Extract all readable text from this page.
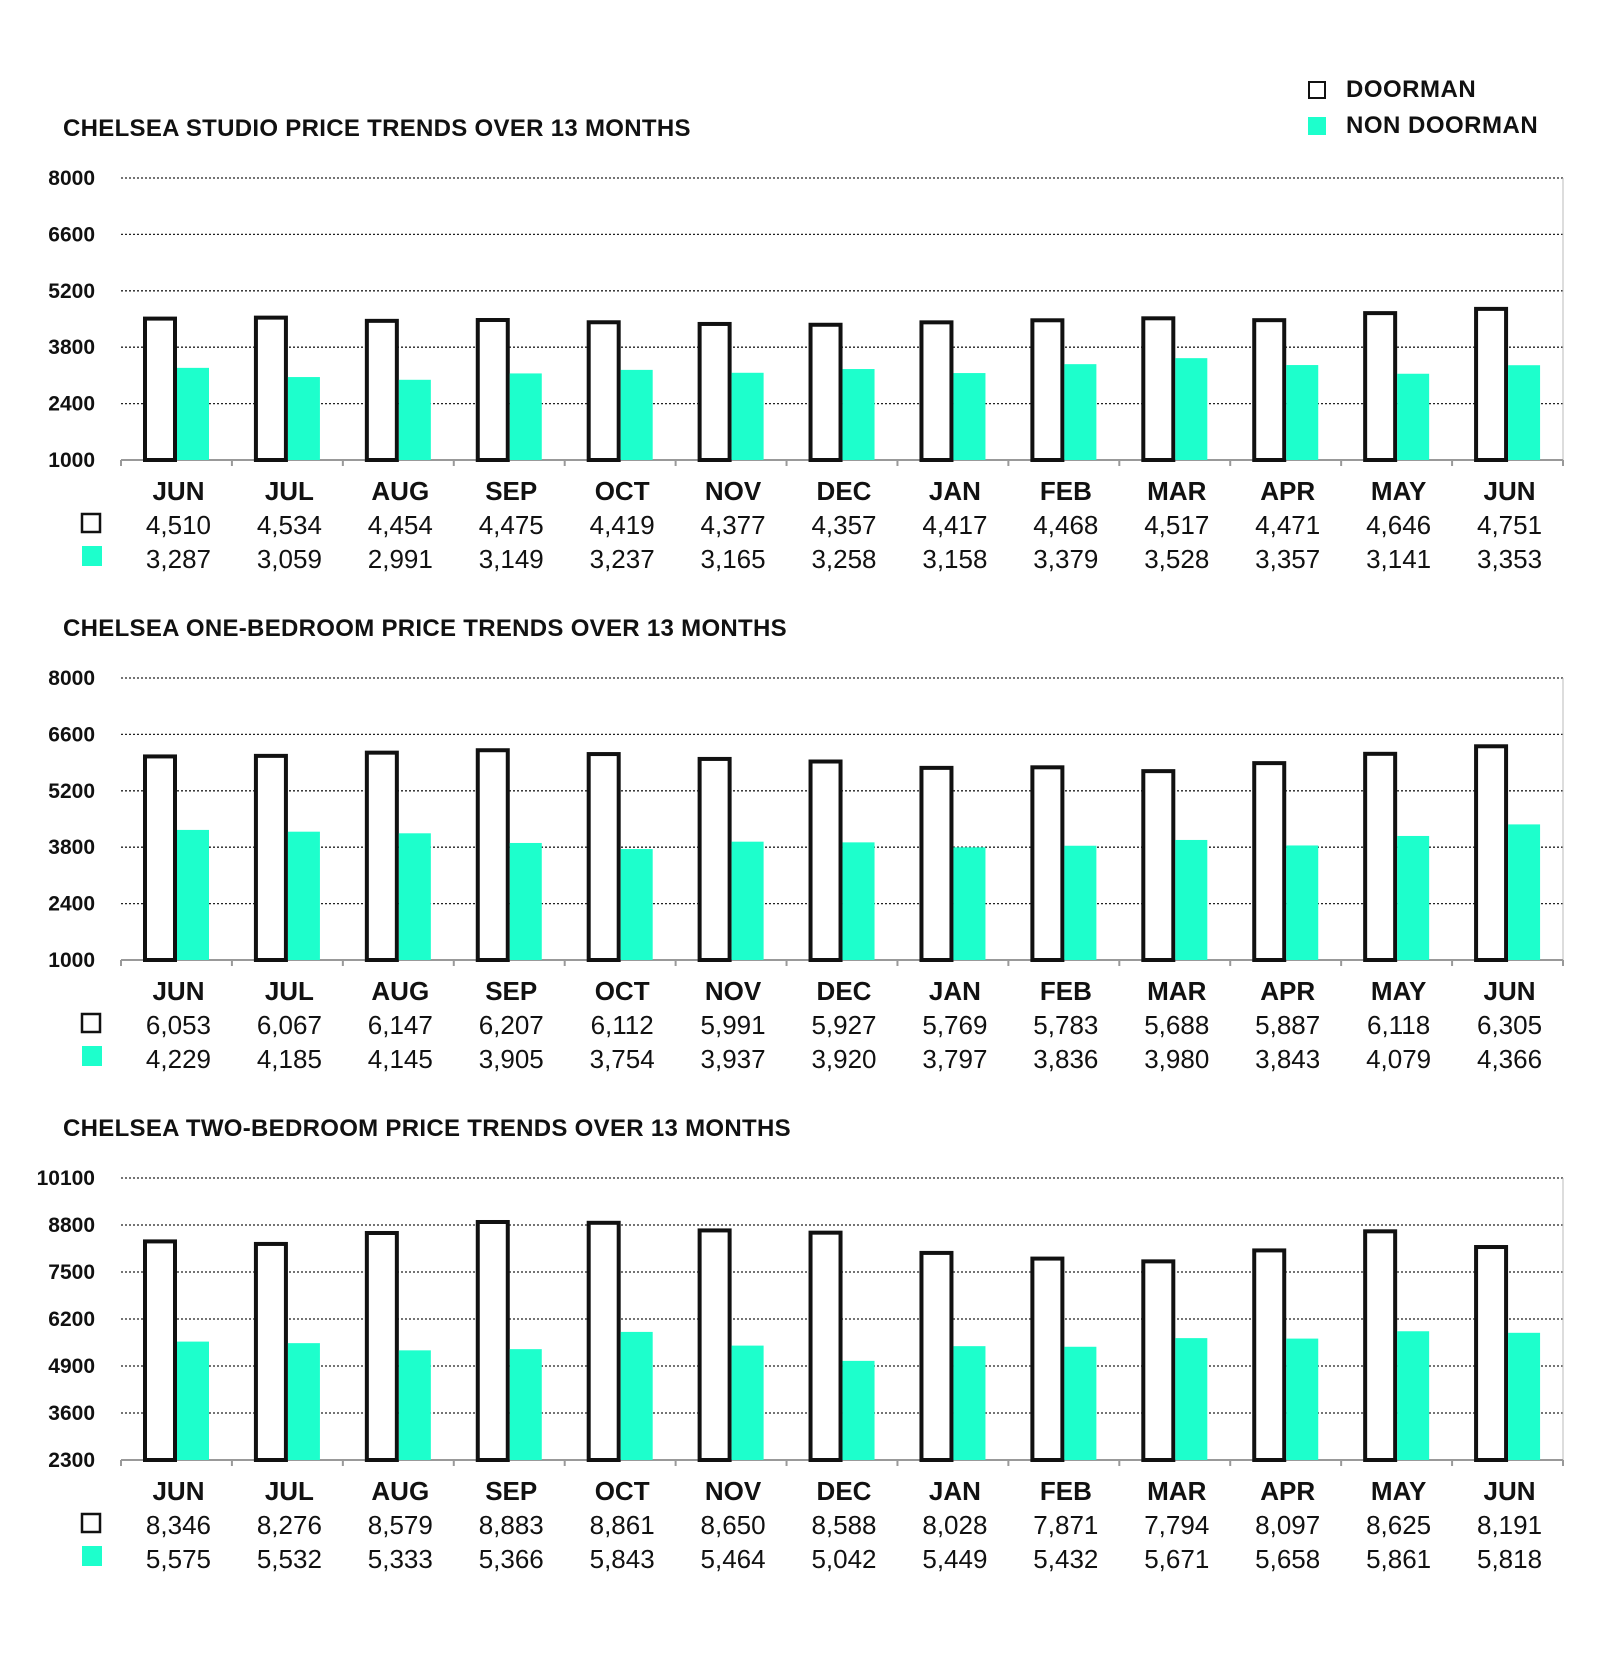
DOORMAN
NON DOORMAN
CHELSEA STUDIO PRICE TRENDS OVER 13 MONTHS
CHELSEA ONE-BEDROOM PRICE TRENDS OVER 13 MONTHS
CHELSEA TWO-BEDROOM PRICE TRENDS OVER 13 MONTHS
1000
2400
3800
5200
6600
8000
JUN
4,510
3,287
JUL
4,534
3,059
AUG
4,454
2,991
SEP
4,475
3,149
OCT
4,419
3,237
NOV
4,377
3,165
DEC
4,357
3,258
JAN
4,417
3,158
FEB
4,468
3,379
MAR
4,517
3,528
APR
4,471
3,357
MAY
4,646
3,141
JUN
4,751
3,353
1000
2400
3800
5200
6600
8000
JUN
6,053
4,229
JUL
6,067
4,185
AUG
6,147
4,145
SEP
6,207
3,905
OCT
6,112
3,754
NOV
5,991
3,937
DEC
5,927
3,920
JAN
5,769
3,797
FEB
5,783
3,836
MAR
5,688
3,980
APR
5,887
3,843
MAY
6,118
4,079
JUN
6,305
4,366
2300
3600
4900
6200
7500
8800
10100
JUN
8,346
5,575
JUL
8,276
5,532
AUG
8,579
5,333
SEP
8,883
5,366
OCT
8,861
5,843
NOV
8,650
5,464
DEC
8,588
5,042
JAN
8,028
5,449
FEB
7,871
5,432
MAR
7,794
5,671
APR
8,097
5,658
MAY
8,625
5,861
JUN
8,191
5,818
